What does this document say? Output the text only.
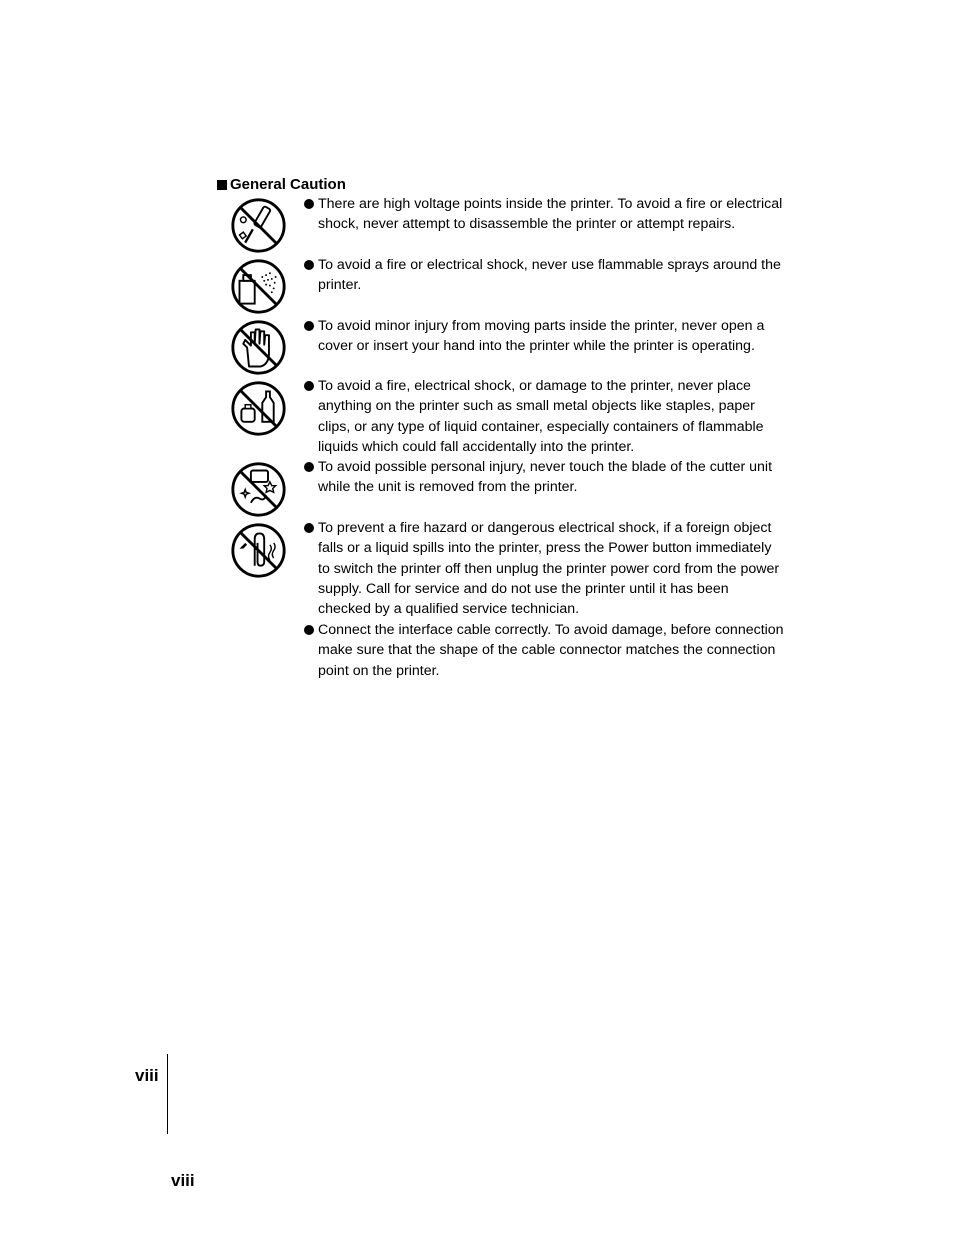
General Caution
There are high voltage points inside the printer. To avoid a fire or electrical shock, never attempt to disassemble the printer or attempt repairs.
To avoid a fire or electrical shock, never use flammable sprays around the printer.
To avoid minor injury from moving parts inside the printer, never open a cover or insert your hand into the printer while the printer is operating.
To avoid a fire, electrical shock, or damage to the printer, never place anything on the printer such as small metal objects like staples, paper clips, or any type of liquid container, especially containers of flammable liquids which could fall accidentally into the printer.
To avoid possible personal injury, never touch the blade of the cutter unit while the unit is removed from the printer.
To prevent a fire hazard or dangerous electrical shock, if a foreign object falls or a liquid spills into the printer, press the Power button immediately to switch the printer off then unplug the printer power cord from the power supply. Call for service and do not use the printer until it has been checked by a qualified service technician.
Connect the interface cable correctly. To avoid damage, before connection make sure that the shape of the cable connector matches the connection point on the printer.
viii
viii
